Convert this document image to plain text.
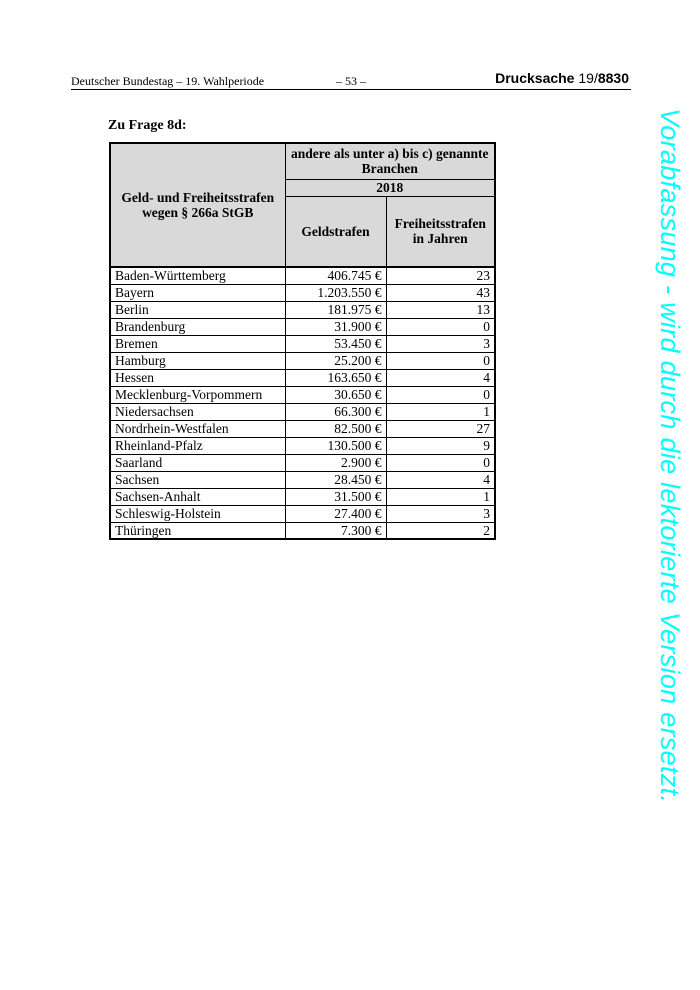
Deutscher Bundestag – 19. Wahlperiode	– 53 –	Drucksache 19/8830
Zu Frage 8d:
Geld- und Freiheitsstrafen wegen § 266a StGB	andere als unter a) bis c) genannte Branchen	
	2018	
	Geldstrafen	Freiheitsstrafen in Jahren
Baden-Württemberg	406.745 €	23
Bayern	1.203.550 €	43
Berlin	181.975 €	13
Brandenburg	31.900 €	0
Bremen	53.450 €	3
Hamburg	25.200 €	0
Hessen	163.650 €	4
Mecklenburg-Vorpommern	30.650 €	0
Niedersachsen	66.300 €	1
Nordrhein-Westfalen	82.500 €	27
Rheinland-Pfalz	130.500 €	9
Saarland	2.900 €	0
Sachsen	28.450 €	4
Sachsen-Anhalt	31.500 €	1
Schleswig-Holstein	27.400 €	3
Thüringen	7.300 €	2	Vorabfassung - wird durch die lektorierte Version ersetzt.
